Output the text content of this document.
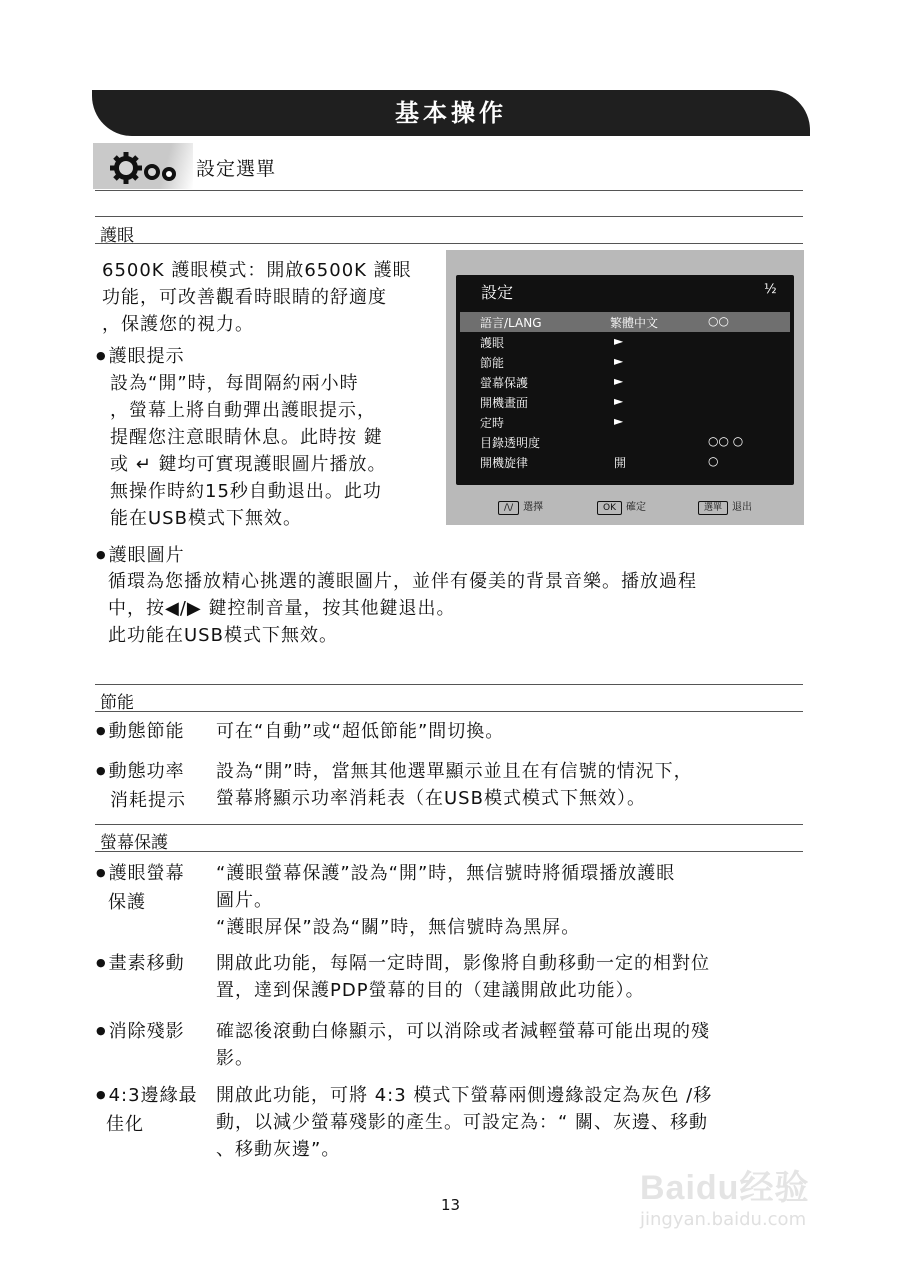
基本操作
設定選單
護眼
6500K 護眼模式：開啟6500K 護眼
功能，可改善觀看時眼睛的舒適度
，保護您的視力。
● 護眼提示
設為“開”時，每間隔約兩小時
，螢幕上將自動彈出護眼提示，
提醒您注意眼睛休息。此時按 鍵
或 ↵ 鍵均可實現護眼圖片播放。
無操作時約15秒自動退出。此功
能在USB模式下無效。
設定	½
語言/LANG	繁體中文	○○
護眼	►
節能	►
螢幕保護	►
開機畫面	►
定時	►
目錄透明度	○○ ○
開機旋律	開	○
/\/ 選擇	OK 確定	選單 退出
● 護眼圖片
循環為您播放精心挑選的護眼圖片，並伴有優美的背景音樂。播放過程
中，按◀/▶ 鍵控制音量，按其他鍵退出。
此功能在USB模式下無效。
節能
● 動態節能 可在“自動”或“超低節能”間切換。
● 動態功率
消耗提示
設為“開”時，當無其他選單顯示並且在有信號的情況下，
螢幕將顯示功率消耗表（在USB模式模式下無效）。
螢幕保護
● 護眼螢幕
保護
“護眼螢幕保護”設為“開”時，無信號時將循環播放護眼
圖片。
“護眼屏保”設為“關”時，無信號時為黑屏。
● 畫素移動 開啟此功能，每隔一定時間，影像將自動移動一定的相對位
置，達到保護PDP螢幕的目的（建議開啟此功能）。
● 消除殘影 確認後滾動白條顯示，可以消除或者減輕螢幕可能出現的殘
影。
● 4:3邊緣最
佳化
開啟此功能，可將 4:3 模式下螢幕兩側邊緣設定為灰色 /移
動，以減少螢幕殘影的產生。可設定為：“ 關、灰邊、移動
、移動灰邊”。
13	Baidu经验
jingyan.baidu.com
